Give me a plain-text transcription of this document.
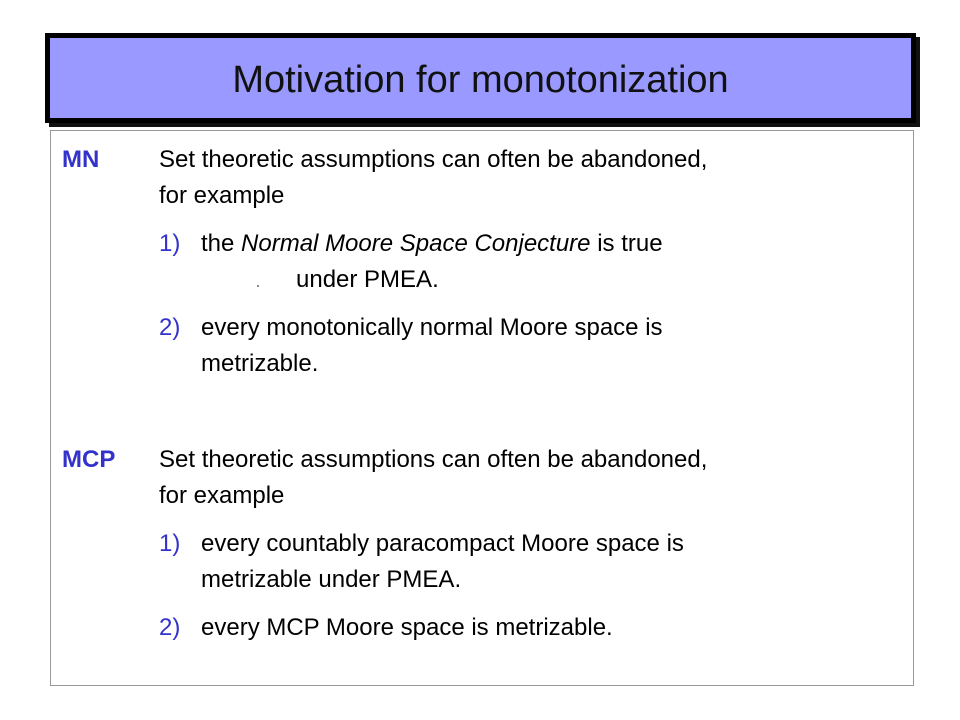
Motivation for monotonization
MN Set theoretic assumptions can often be abandoned,
for example
1) the Normal Moore Space Conjecture is true
under PMEA.
2) every monotonically normal Moore space is
metrizable.
MCP Set theoretic assumptions can often be abandoned,
for example
1) every countably paracompact Moore space is
metrizable under PMEA.
2) every MCP Moore space is metrizable.
